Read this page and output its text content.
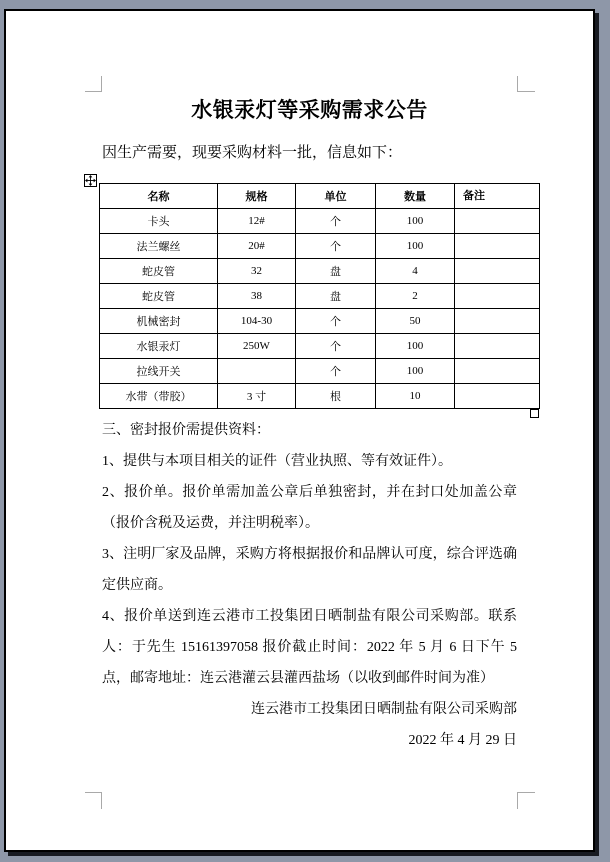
水银汞灯等采购需求公告
因生产需要，现要采购材料一批，信息如下：
名称	规格	单位	数量	备注
卡头	12#	个	100	
法兰螺丝	20#	个	100	
蛇皮管	32	盘	4	
蛇皮管	38	盘	2	
机械密封	104-30	个	50	
水银汞灯	250W	个	100	
拉线开关		个	100	
水带（带胶）	3 寸	根	10	

三、密封报价需提供资料：

1、提供与本项目相关的证件（营业执照、等有效证件）。

2、报价单。报价单需加盖公章后单独密封，并在封口处加盖公章（报价含税及运费，并注明税率）。

3、注明厂家及品牌，采购方将根据报价和品牌认可度，综合评选确定供应商。

4、报价单送到连云港市工投集团日晒制盐有限公司采购部。联系人：于先生 15161397058 报价截止时间：2022 年 5 月 6 日下午 5 点，邮寄地址：连云港灌云县灌西盐场（以收到邮件时间为准）

连云港市工投集团日晒制盐有限公司采购部

2022 年 4 月 29 日
